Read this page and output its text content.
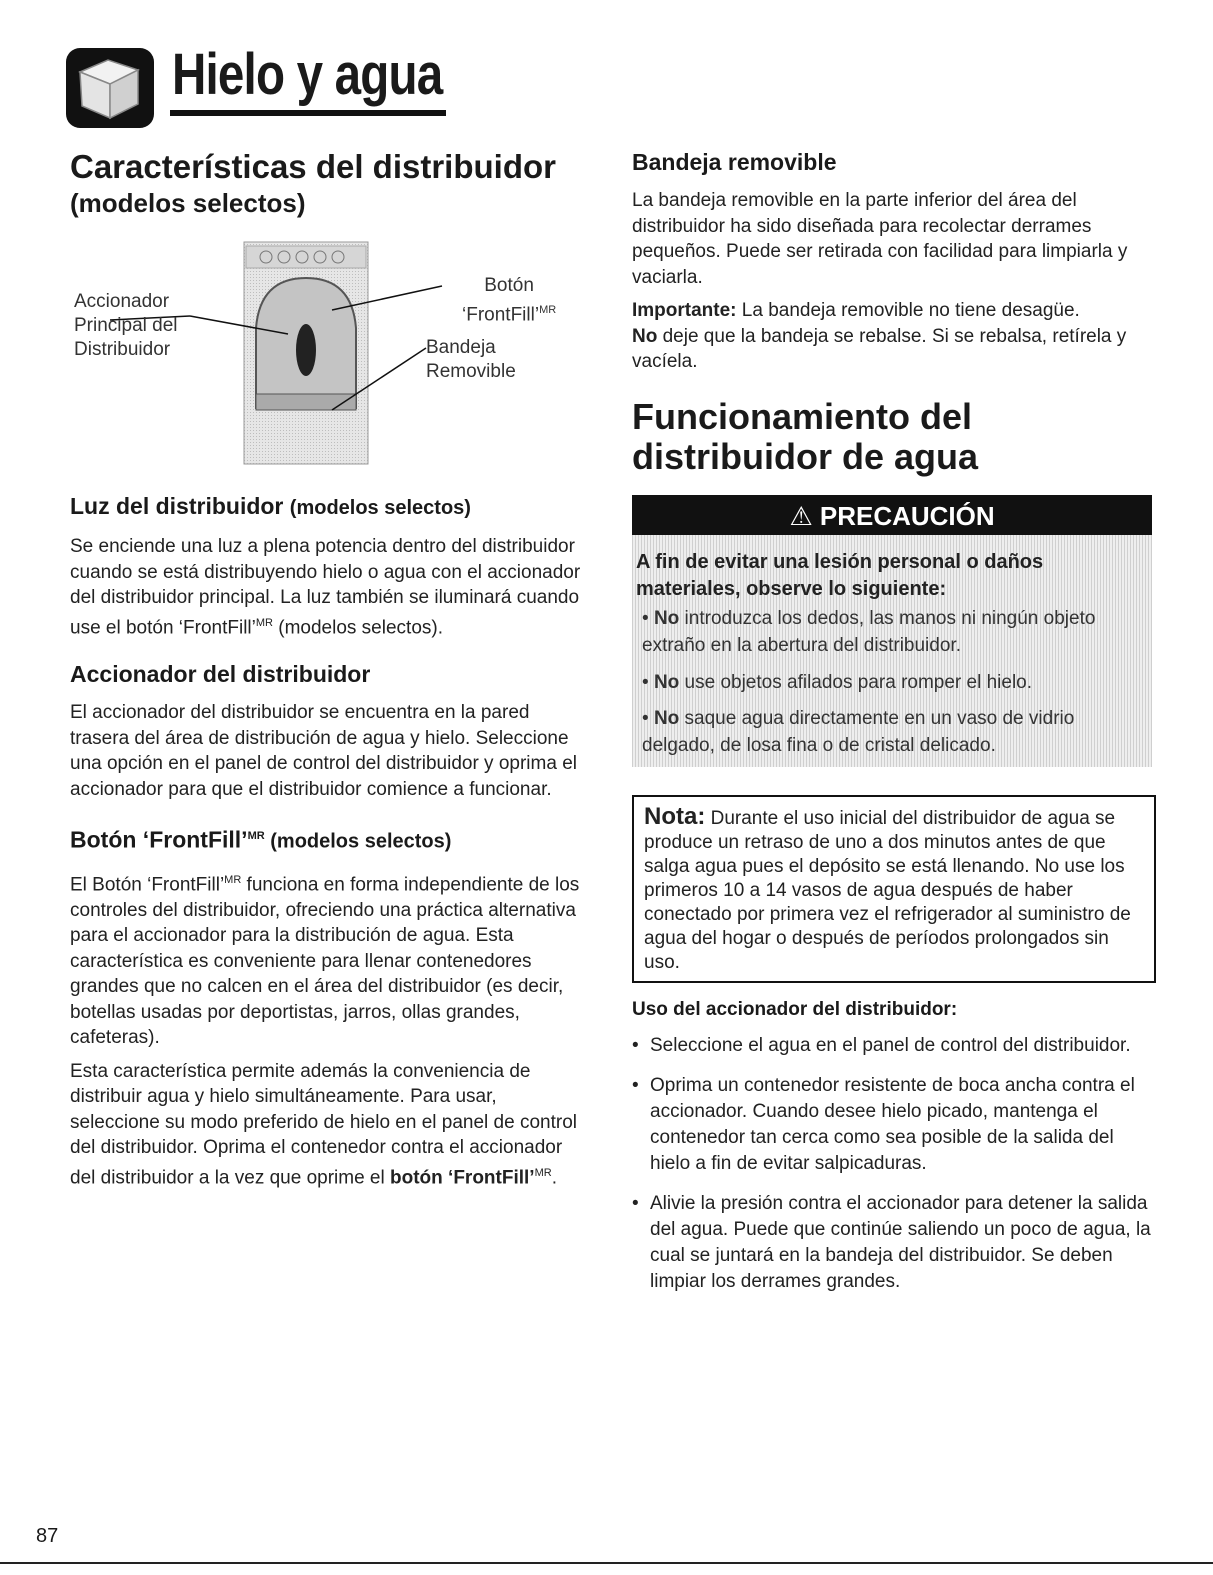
Hielo y agua
Características del distribuidor
(modelos selectos)
Accionador
Principal del
Distribuidor
Botón
‘FrontFill’$^{MR}$
Bandeja
Removible
Luz del distribuidor (modelos selectos)

Se enciende una luz a plena potencia dentro del distribuidor cuando se está distribuyendo hielo o agua con el accionador del distribuidor principal. La luz también se iluminará cuando use el botón ‘FrontFill’$^{MR}$ (modelos selectos).

Accionador del distribuidor

El accionador del distribuidor se encuentra en la pared trasera del área de distribución de agua y hielo. Seleccione una opción en el panel de control del distribuidor y oprima el accionador para que el distribuidor comience a funcionar.

Botón ‘FrontFill’$^{MR}$ (modelos selectos)

El Botón ‘FrontFill’$^{MR}$ funciona en forma independiente de los controles del distribuidor, ofreciendo una práctica alternativa para el accionador para la distribución de agua. Esta característica es conveniente para llenar contenedores grandes que no calcen en el área del distribuidor (es decir, botellas usadas por deportistas, jarros, ollas grandes, cafeteras).

Esta característica permite además la conveniencia de distribuir agua y hielo simultáneamente. Para usar, seleccione su modo preferido de hielo en el panel de control del distribuidor. Oprima el contenedor contra el accionador del distribuidor a la vez que oprime el botón ‘FrontFill’$^{MR}$.

Bandeja removible

La bandeja removible en la parte inferior del área del distribuidor ha sido diseñada para recolectar derrames pequeños. Puede ser retirada con facilidad para limpiarla y vaciarla.

Importante: La bandeja removible no tiene desagüe.
No deje que la bandeja se rebalse. Si se rebalsa, retírela y vacíela.

Funcionamiento del
distribuidor de agua
⚠ PRECAUCIÓN
A fin de evitar una lesión personal o daños materiales, observe lo siguiente:
• No introduzca los dedos, las manos ni ningún objeto extraño en la abertura del distribuidor.
• No use objetos afilados para romper el hielo.
• No saque agua directamente en un vaso de vidrio delgado, de losa fina o de cristal delicado.
Nota: Durante el uso inicial del distribuidor de agua se produce un retraso de uno a dos minutos antes de que salga agua pues el depósito se está llenando. No use los primeros 10 a 14 vasos de agua después de haber conectado por primera vez el refrigerador al suministro de agua del hogar o después de períodos prolongados sin uso.
Uso del accionador del distribuidor:
• Seleccione el agua en el panel de control del distribuidor.
• Oprima un contenedor resistente de boca ancha contra el accionador. Cuando desee hielo picado, mantenga el contenedor tan cerca como sea posible de la salida del hielo a fin de evitar salpicaduras.
• Alivie la presión contra el accionador para detener la salida del agua. Puede que continúe saliendo un poco de agua, la cual se juntará en la bandeja del distribuidor. Se deben limpiar los derrames grandes.
87
